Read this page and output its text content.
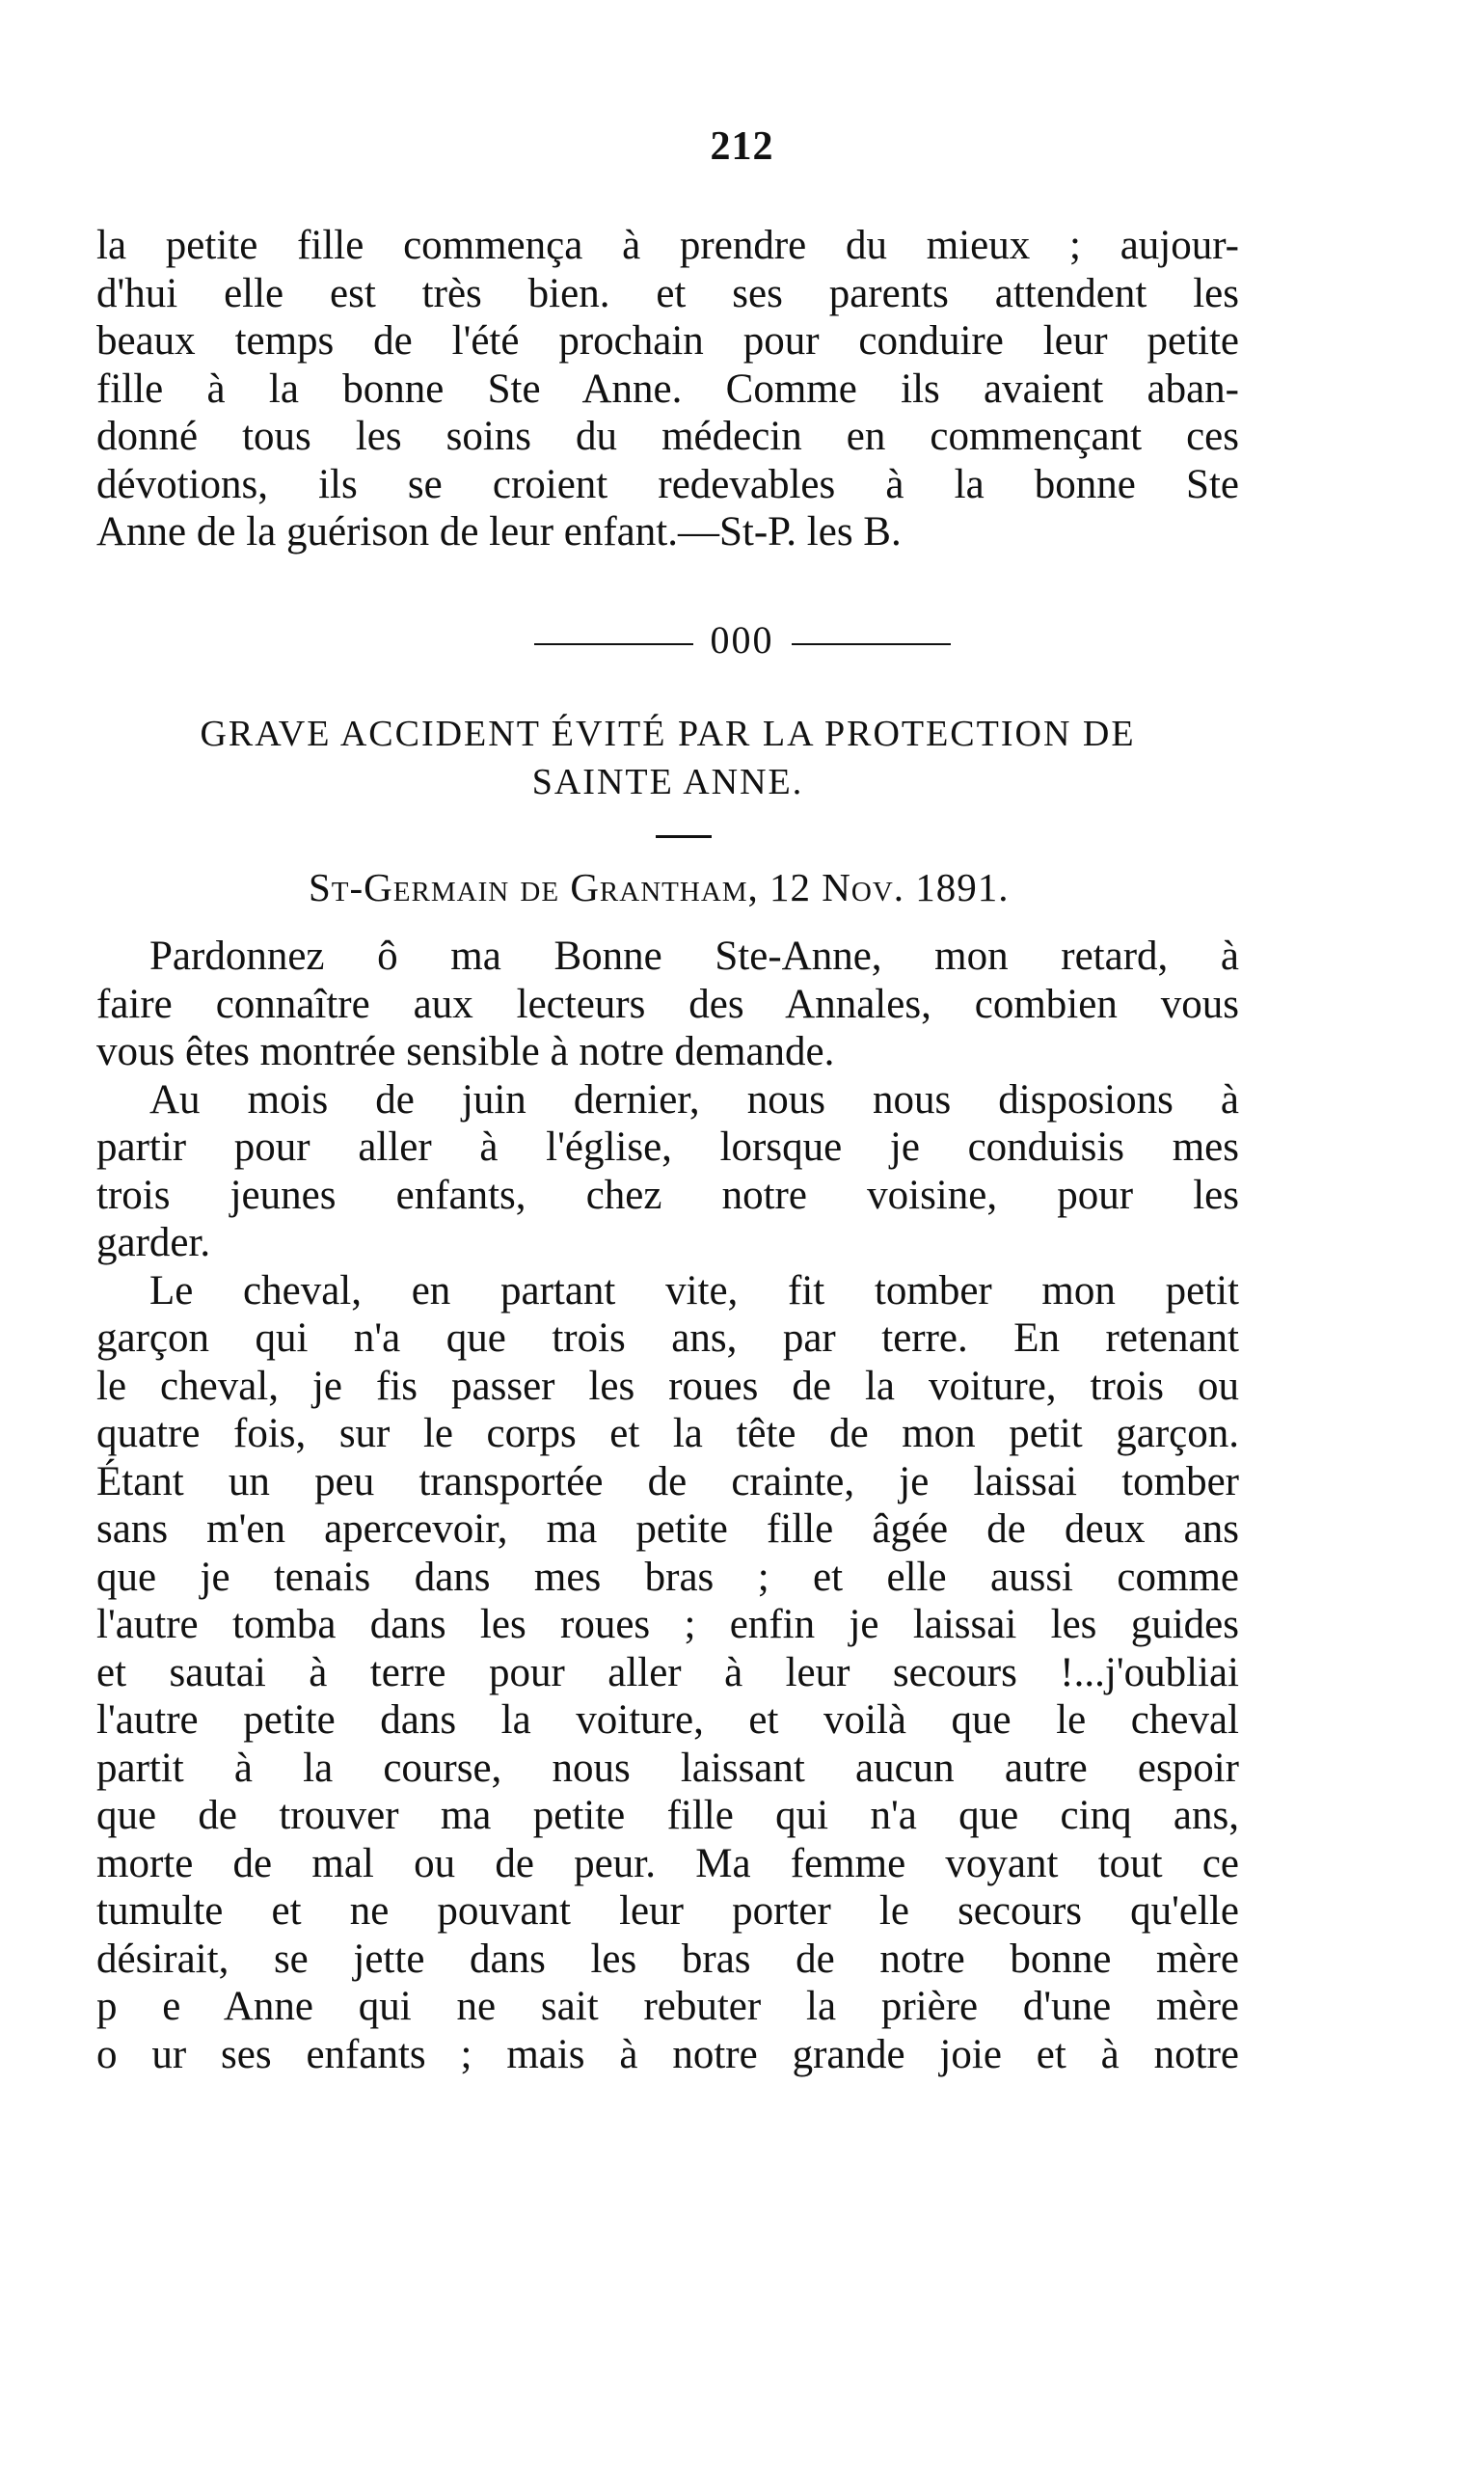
212

la petite fille commença à prendre du mieux ; aujour-
d'hui elle est très bien. et ses parents attendent les
beaux temps de l'été prochain pour conduire leur petite
fille à la bonne Ste Anne. Comme ils avaient aban-
donné tous les soins du médecin en commençant ces
dévotions, ils se croient redevables à la bonne Ste
Anne de la guérison de leur enfant.—St-P. les B.

000
GRAVE ACCIDENT ÉVITÉ PAR LA PROTECTION DE
SAINTE ANNE.
St-Germain de Grantham, 12 Nov. 1891.

Pardonnez ô ma Bonne Ste-Anne, mon retard, à
faire connaître aux lecteurs des Annales, combien vous
vous êtes montrée sensible à notre demande.

Au mois de juin dernier, nous nous disposions à
partir pour aller à l'église, lorsque je conduisis mes
trois jeunes enfants, chez notre voisine, pour les
garder.

Le cheval, en partant vite, fit tomber mon petit
garçon qui n'a que trois ans, par terre. En retenant
le cheval, je fis passer les roues de la voiture, trois ou
quatre fois, sur le corps et la tête de mon petit garçon.
Étant un peu transportée de crainte, je laissai tomber
sans m'en apercevoir, ma petite fille âgée de deux ans
que je tenais dans mes bras ; et elle aussi comme
l'autre tomba dans les roues ; enfin je laissai les guides
et sautai à terre pour aller à leur secours !...j'oubliai
l'autre petite dans la voiture, et voilà que le cheval
partit à la course, nous laissant aucun autre espoir
que de trouver ma petite fille qui n'a que cinq ans,
morte de mal ou de peur. Ma femme voyant tout ce
tumulte et ne pouvant leur porter le secours qu'elle
désirait, se jette dans les bras de notre bonne mère
p e Anne qui ne sait rebuter la prière d'une mère
o ur ses enfants ; mais à notre grande joie et à notre
